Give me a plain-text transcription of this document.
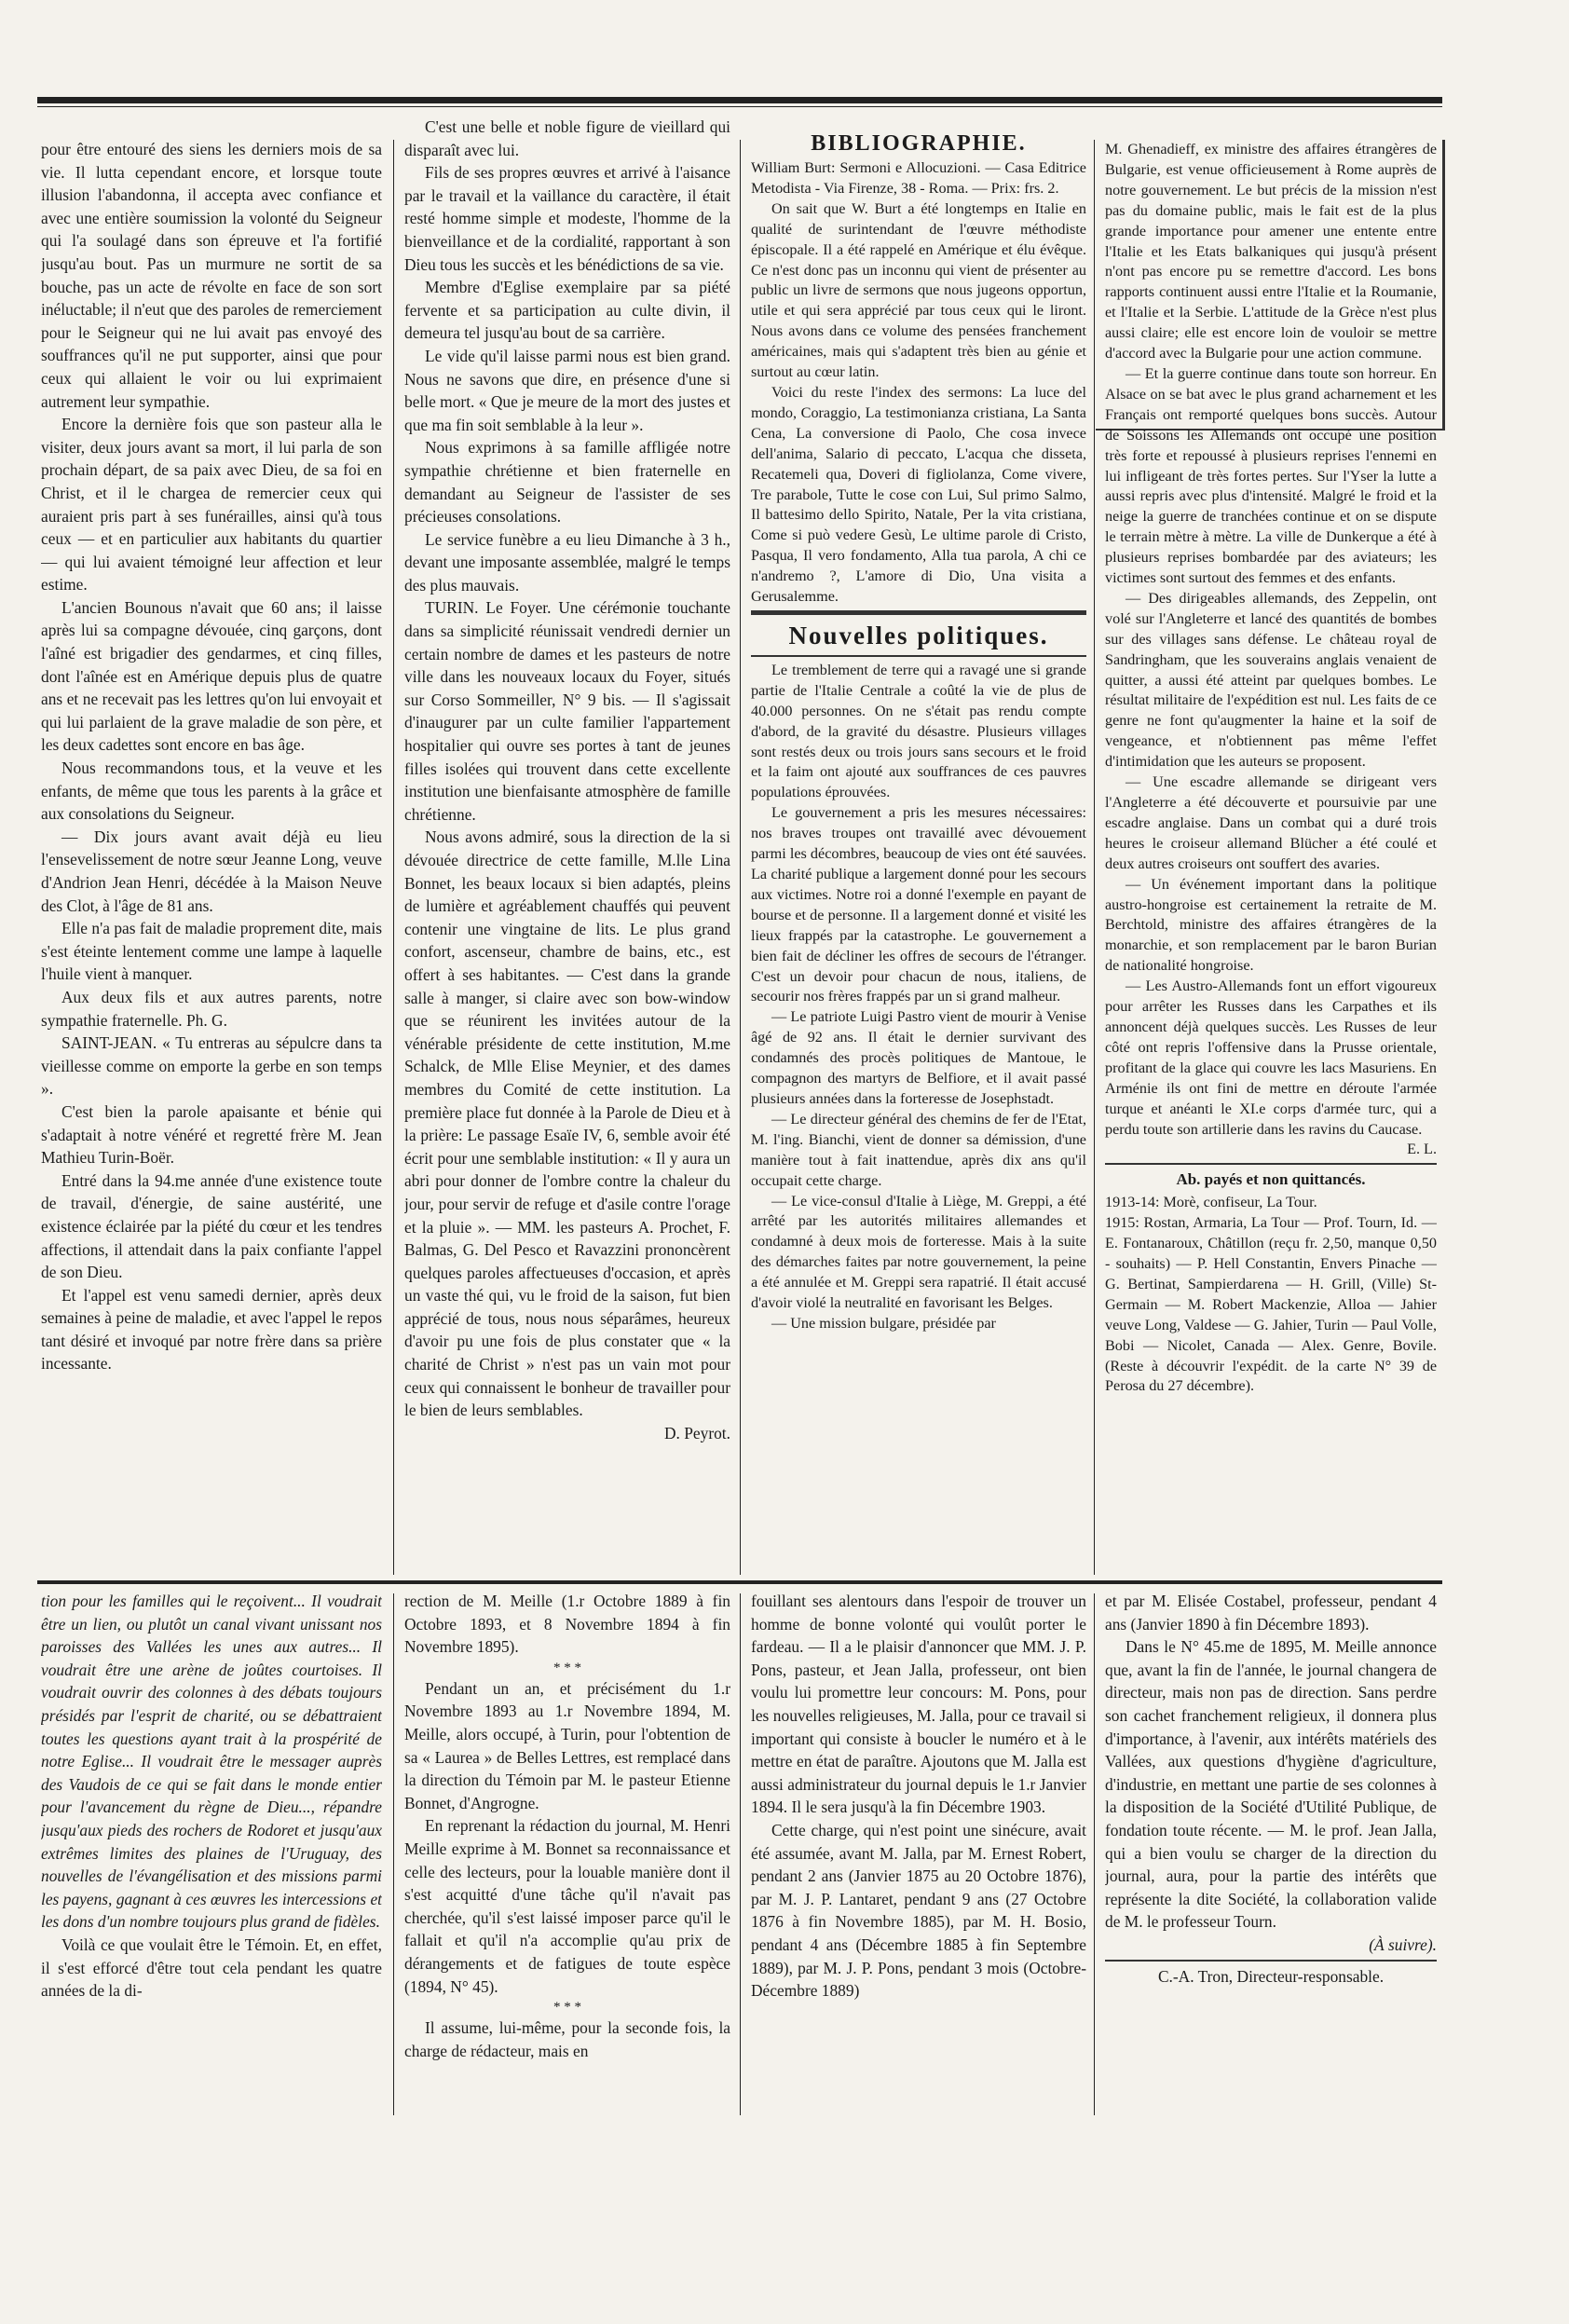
pour être entouré des siens les derniers mois de sa vie. Il lutta cependant encore, et lorsque toute illusion l'abandonna, il accepta avec confiance et avec une entière soumission la volonté du Seigneur qui l'a soulagé dans son épreuve et l'a fortifié jusqu'au bout. Pas un murmure ne sortit de sa bouche, pas un acte de révolte en face de son sort inéluctable; il n'eut que des paroles de remerciement pour le Seigneur qui ne lui avait pas envoyé des souffrances qu'il ne put supporter, ainsi que pour ceux qui allaient le voir ou lui exprimaient autrement leur sympathie.

Encore la dernière fois que son pasteur alla le visiter, deux jours avant sa mort, il lui parla de son prochain départ, de sa paix avec Dieu, de sa foi en Christ, et il le chargea de remercier ceux qui auraient pris part à ses funérailles, ainsi qu'à tous ceux — et en particulier aux habitants du quartier — qui lui avaient témoigné leur affection et leur estime.

L'ancien Bounous n'avait que 60 ans; il laisse après lui sa compagne dévouée, cinq garçons, dont l'aîné est brigadier des gendarmes, et cinq filles, dont l'aînée est en Amérique depuis plus de quatre ans et ne recevait pas les lettres qu'on lui envoyait et qui lui parlaient de la grave maladie de son père, et les deux cadettes sont encore en bas âge.

Nous recommandons tous, et la veuve et les enfants, de même que tous les parents à la grâce et aux consolations du Seigneur.

— Dix jours avant avait déjà eu lieu l'ensevelissement de notre sœur Jeanne Long, veuve d'Andrion Jean Henri, décédée à la Maison Neuve des Clot, à l'âge de 81 ans.

Elle n'a pas fait de maladie proprement dite, mais s'est éteinte lentement comme une lampe à laquelle l'huile vient à manquer.

Aux deux fils et aux autres parents, notre sympathie fraternelle. Ph. G.

SAINT-JEAN. « Tu entreras au sépulcre dans ta vieillesse comme on emporte la gerbe en son temps ».

C'est bien la parole apaisante et bénie qui s'adaptait à notre vénéré et regretté frère M. Jean Mathieu Turin-Boër.

Entré dans la 94.me année d'une existence toute de travail, d'énergie, de saine austérité, une existence éclairée par la piété du cœur et les tendres affections, il attendait dans la paix confiante l'appel de son Dieu.

Et l'appel est venu samedi dernier, après deux semaines à peine de maladie, et avec l'appel le repos tant désiré et invoqué par notre frère dans sa prière incessante.

C'est une belle et noble figure de vieillard qui disparaît avec lui.

Fils de ses propres œuvres et arrivé à l'aisance par le travail et la vaillance du caractère, il était resté homme simple et modeste, l'homme de la bienveillance et de la cordialité, rapportant à son Dieu tous les succès et les bénédictions de sa vie.

Membre d'Eglise exemplaire par sa piété fervente et sa participation au culte divin, il demeura tel jusqu'au bout de sa carrière.

Le vide qu'il laisse parmi nous est bien grand. Nous ne savons que dire, en présence d'une si belle mort. « Que je meure de la mort des justes et que ma fin soit semblable à la leur ».

Nous exprimons à sa famille affligée notre sympathie chrétienne et bien fraternelle en demandant au Seigneur de l'assister de ses précieuses consolations.

Le service funèbre a eu lieu Dimanche à 3 h., devant une imposante assemblée, malgré le temps des plus mauvais.

TURIN. Le Foyer. Une cérémonie touchante dans sa simplicité réunissait vendredi dernier un certain nombre de dames et les pasteurs de notre ville dans les nouveaux locaux du Foyer, situés sur Corso Sommeiller, N° 9 bis. — Il s'agissait d'inaugurer par un culte familier l'appartement hospitalier qui ouvre ses portes à tant de jeunes filles isolées qui trouvent dans cette excellente institution une bienfaisante atmosphère de famille chrétienne.

Nous avons admiré, sous la direction de la si dévouée directrice de cette famille, M.lle Lina Bonnet, les beaux locaux si bien adaptés, pleins de lumière et agréablement chauffés qui peuvent contenir une vingtaine de lits. Le plus grand confort, ascenseur, chambre de bains, etc., est offert à ses habitantes. — C'est dans la grande salle à manger, si claire avec son bow-window que se réunirent les invitées autour de la vénérable présidente de cette institution, M.me Schalck, de Mlle Elise Meynier, et des dames membres du Comité de cette institution. La première place fut donnée à la Parole de Dieu et à la prière: Le passage Esaïe IV, 6, semble avoir été écrit pour une semblable institution: « Il y aura un abri pour donner de l'ombre contre la chaleur du jour, pour servir de refuge et d'asile contre l'orage et la pluie ». — MM. les pasteurs A. Prochet, F. Balmas, G. Del Pesco et Ravazzini prononcèrent quelques paroles affectueuses d'occasion, et après un vaste thé qui, vu le froid de la saison, fut bien apprécié de tous, nous nous séparâmes, heureux d'avoir pu une fois de plus constater que « la charité de Christ » n'est pas un vain mot pour ceux qui connaissent le bonheur de travailler pour le bien de leurs semblables.

D. Peyrot.

BIBLIOGRAPHIE.

William Burt: Sermoni e Allocuzioni. — Casa Editrice Metodista - Via Firenze, 38 - Roma. — Prix: frs. 2.

On sait que W. Burt a été longtemps en Italie en qualité de surintendant de l'œuvre méthodiste épiscopale. Il a été rappelé en Amérique et élu évêque. Ce n'est donc pas un inconnu qui vient de présenter au public un livre de sermons que nous jugeons opportun, utile et qui sera apprécié par tous ceux qui le liront. Nous avons dans ce volume des pensées franchement américaines, mais qui s'adaptent très bien au génie et surtout au cœur latin.

Voici du reste l'index des sermons: La luce del mondo, Coraggio, La testimonianza cristiana, La Santa Cena, La conversione di Paolo, Che cosa invece dell'anima, Salario di peccato, L'acqua che disseta, Recatemeli qua, Doveri di figliolanza, Come vivere, Tre parabole, Tutte le cose con Lui, Sul primo Salmo, Il battesimo dello Spirito, Natale, Per la vita cristiana, Come si può vedere Gesù, Le ultime parole di Cristo, Pasqua, Il vero fondamento, Alla tua parola, A chi ce n'andremo ?, L'amore di Dio, Una visita a Gerusalemme.

Nouvelles politiques.

Le tremblement de terre qui a ravagé une si grande partie de l'Italie Centrale a coûté la vie de plus de 40.000 personnes. On ne s'était pas rendu compte d'abord, de la gravité du désastre. Plusieurs villages sont restés deux ou trois jours sans secours et le froid et la faim ont ajouté aux souffrances de ces pauvres populations éprouvées.

Le gouvernement a pris les mesures nécessaires: nos braves troupes ont travaillé avec dévouement parmi les décombres, beaucoup de vies ont été sauvées. La charité publique a largement donné pour les secours aux victimes. Notre roi a donné l'exemple en payant de bourse et de personne. Il a largement donné et visité les lieux frappés par la catastrophe. Le gouvernement a bien fait de décliner les offres de secours de l'étranger. C'est un devoir pour chacun de nous, italiens, de secourir nos frères frappés par un si grand malheur.

— Le patriote Luigi Pastro vient de mourir à Venise âgé de 92 ans. Il était le dernier survivant des condamnés des procès politiques de Mantoue, le compagnon des martyrs de Belfiore, et il avait passé plusieurs années dans la forteresse de Josephstadt.

— Le directeur général des chemins de fer de l'Etat, M. l'ing. Bianchi, vient de donner sa démission, d'une manière tout à fait inattendue, après dix ans qu'il occupait cette charge.

— Le vice-consul d'Italie à Liège, M. Greppi, a été arrêté par les autorités militaires allemandes et condamné à deux mois de forteresse. Mais à la suite des démarches faites par notre gouvernement, la peine a été annulée et M. Greppi sera rapatrié. Il était accusé d'avoir violé la neutralité en favorisant les Belges.

— Une mission bulgare, présidée par

M. Ghenadieff, ex ministre des affaires étrangères de Bulgarie, est venue officieusement à Rome auprès de notre gouvernement. Le but précis de la mission n'est pas du domaine public, mais le fait est de la plus grande importance pour amener une entente entre l'Italie et les Etats balkaniques qui jusqu'à présent n'ont pas encore pu se remettre d'accord. Les bons rapports continuent aussi entre l'Italie et la Roumanie, et l'Italie et la Serbie. L'attitude de la Grèce n'est plus aussi claire; elle est encore loin de vouloir se mettre d'accord avec la Bulgarie pour une action commune.

— Et la guerre continue dans toute son horreur. En Alsace on se bat avec le plus grand acharnement et les Français ont remporté quelques bons succès. Autour de Soissons les Allemands ont occupé une position très forte et repoussé à plusieurs reprises l'ennemi en lui infligeant de très fortes pertes. Sur l'Yser la lutte a aussi repris avec plus d'intensité. Malgré le froid et la neige la guerre de tranchées continue et on se dispute le terrain mètre à mètre. La ville de Dunkerque a été à plusieurs reprises bombardée par des aviateurs; les victimes sont surtout des femmes et des enfants.

— Des dirigeables allemands, des Zeppelin, ont volé sur l'Angleterre et lancé des quantités de bombes sur des villages sans défense. Le château royal de Sandringham, que les souverains anglais venaient de quitter, a aussi été atteint par quelques bombes. Le résultat militaire de l'expédition est nul. Les faits de ce genre ne font qu'augmenter la haine et la soif de vengeance, et n'obtiennent pas même l'effet d'intimidation que les auteurs se proposent.

— Une escadre allemande se dirigeant vers l'Angleterre a été découverte et poursuivie par une escadre anglaise. Dans un combat qui a duré trois heures le croiseur allemand Blücher a été coulé et deux autres croiseurs ont souffert des avaries.

— Un événement important dans la politique austro-hongroise est certainement la retraite de M. Berchtold, ministre des affaires étrangères de la monarchie, et son remplacement par le baron Burian de nationalité hongroise.

— Les Austro-Allemands font un effort vigoureux pour arrêter les Russes dans les Carpathes et ils annoncent déjà quelques succès. Les Russes de leur côté ont repris l'offensive dans la Prusse orientale, profitant de la glace qui couvre les lacs Masuriens. En Arménie ils ont fini de mettre en déroute l'armée turque et anéanti le XI.e corps d'armée turc, qui a perdu toute son artillerie dans les ravins du Caucase.

E. L.

Ab. payés et non quittancés.

1913-14: Morè, confiseur, La Tour.

1915: Rostan, Armaria, La Tour — Prof. Tourn, Id. — E. Fontanaroux, Châtillon (reçu fr. 2,50, manque 0,50 - souhaits) — P. Hell Constantin, Envers Pinache — G. Bertinat, Sampierdarena — H. Grill, (Ville) St-Germain — M. Robert Mackenzie, Alloa — Jahier veuve Long, Valdese — G. Jahier, Turin — Paul Volle, Bobi — Nicolet, Canada — Alex. Genre, Bovile. (Reste à découvrir l'expédit. de la carte N° 39 de Perosa du 27 décembre).

tion pour les familles qui le reçoivent... Il voudrait être un lien, ou plutôt un canal vivant unissant nos paroisses des Vallées les unes aux autres... Il voudrait être une arène de joûtes courtoises. Il voudrait ouvrir des colonnes à des débats toujours présidés par l'esprit de charité, ou se débattraient toutes les questions ayant trait à la prospérité de notre Eglise... Il voudrait être le messager auprès des Vaudois de ce qui se fait dans le monde entier pour l'avancement du règne de Dieu..., répandre jusqu'aux pieds des rochers de Rodoret et jusqu'aux extrêmes limites des plaines de l'Uruguay, des nouvelles de l'évangélisation et des missions parmi les payens, gagnant à ces œuvres les intercessions et les dons d'un nombre toujours plus grand de fidèles.

Voilà ce que voulait être le Témoin. Et, en effet, il s'est efforcé d'être tout cela pendant les quatre années de la di-

rection de M. Meille (1.r Octobre 1889 à fin Octobre 1893, et 8 Novembre 1894 à fin Novembre 1895).

* * *

Pendant un an, et précisément du 1.r Novembre 1893 au 1.r Novembre 1894, M. Meille, alors occupé, à Turin, pour l'obtention de sa « Laurea » de Belles Lettres, est remplacé dans la direction du Témoin par M. le pasteur Etienne Bonnet, d'Angrogne.

En reprenant la rédaction du journal, M. Henri Meille exprime à M. Bonnet sa reconnaissance et celle des lecteurs, pour la louable manière dont il s'est acquitté d'une tâche qu'il n'avait pas cherchée, qu'il s'est laissé imposer parce qu'il le fallait et qu'il n'a accomplie qu'au prix de dérangements et de fatigues de toute espèce (1894, N° 45).

* * *

Il assume, lui-même, pour la seconde fois, la charge de rédacteur, mais en

fouillant ses alentours dans l'espoir de trouver un homme de bonne volonté qui voulût porter le fardeau. — Il a le plaisir d'annoncer que MM. J. P. Pons, pasteur, et Jean Jalla, professeur, ont bien voulu lui promettre leur concours: M. Pons, pour les nouvelles religieuses, M. Jalla, pour ce travail si important qui consiste à boucler le numéro et à le mettre en état de paraître. Ajoutons que M. Jalla est aussi administrateur du journal depuis le 1.r Janvier 1894. Il le sera jusqu'à la fin Décembre 1903.

Cette charge, qui n'est point une sinécure, avait été assumée, avant M. Jalla, par M. Ernest Robert, pendant 2 ans (Janvier 1875 au 20 Octobre 1876), par M. J. P. Lantaret, pendant 9 ans (27 Octobre 1876 à fin Novembre 1885), par M. H. Bosio, pendant 4 ans (Décembre 1885 à fin Septembre 1889), par M. J. P. Pons, pendant 3 mois (Octobre-Décembre 1889)

et par M. Elisée Costabel, professeur, pendant 4 ans (Janvier 1890 à fin Décembre 1893).

Dans le N° 45.me de 1895, M. Meille annonce que, avant la fin de l'année, le journal changera de directeur, mais non pas de direction. Sans perdre son cachet franchement religieux, il donnera plus d'importance, à l'avenir, aux intérêts matériels des Vallées, aux questions d'hygiène d'agriculture, d'industrie, en mettant une partie de ses colonnes à la disposition de la Société d'Utilité Publique, de fondation toute récente. — M. le prof. Jean Jalla, qui a bien voulu se charger de la direction du journal, aura, pour la partie des intérêts que représente la dite Société, la collaboration valide de M. le professeur Tourn.

(À suivre).

C.-A. Tron, Directeur-responsable.
